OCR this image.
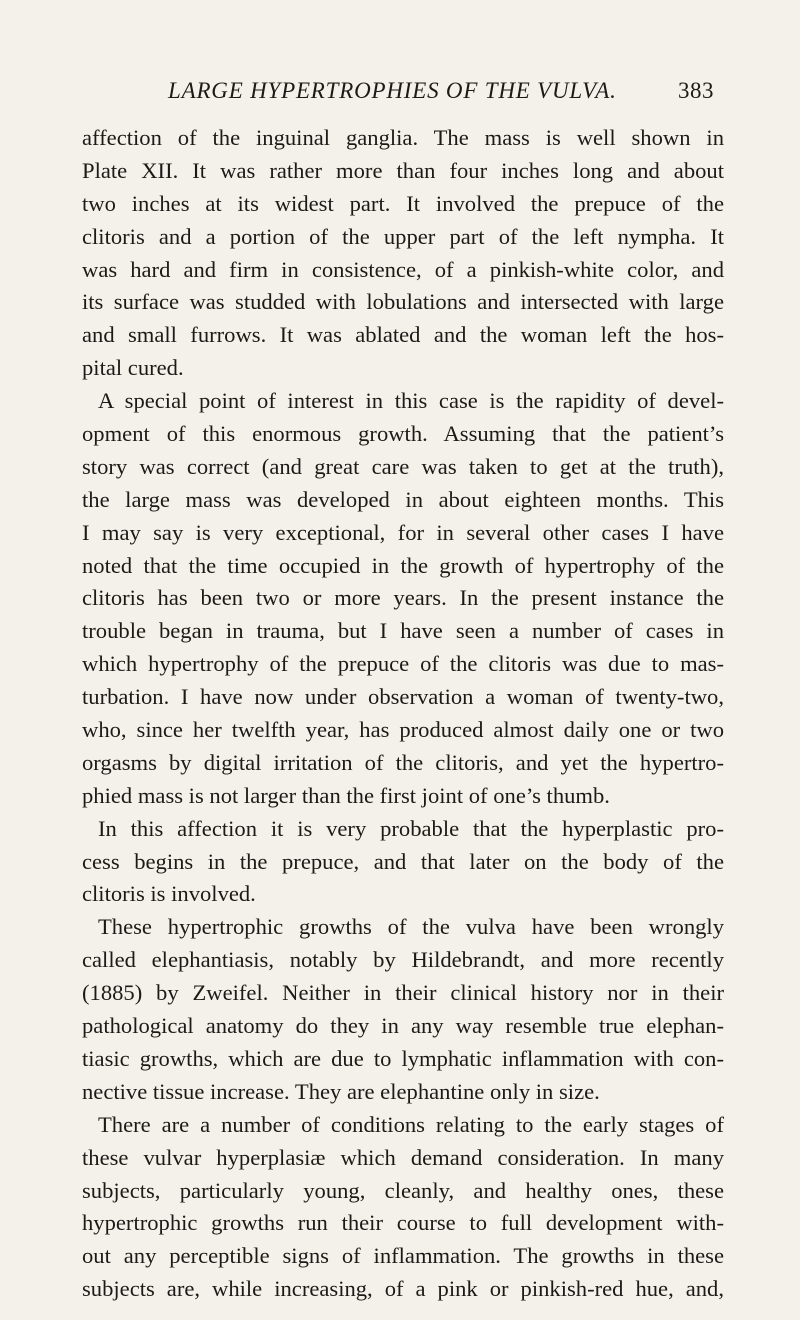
LARGE HYPERTROPHIES OF THE VULVA.	383
affection of the inguinal ganglia. The mass is well shown in
Plate XII. It was rather more than four inches long and about
two inches at its widest part. It involved the prepuce of the
clitoris and a portion of the upper part of the left nympha. It
was hard and firm in consistence, of a pinkish-white color, and
its surface was studded with lobulations and intersected with large
and small furrows. It was ablated and the woman left the hos-
pital cured.
A special point of interest in this case is the rapidity of devel-
opment of this enormous growth. Assuming that the patient’s
story was correct (and great care was taken to get at the truth),
the large mass was developed in about eighteen months. This
I may say is very exceptional, for in several other cases I have
noted that the time occupied in the growth of hypertrophy of the
clitoris has been two or more years. In the present instance the
trouble began in trauma, but I have seen a number of cases in
which hypertrophy of the prepuce of the clitoris was due to mas-
turbation. I have now under observation a woman of twenty-two,
who, since her twelfth year, has produced almost daily one or two
orgasms by digital irritation of the clitoris, and yet the hypertro-
phied mass is not larger than the first joint of one’s thumb.
In this affection it is very probable that the hyperplastic pro-
cess begins in the prepuce, and that later on the body of the
clitoris is involved.
These hypertrophic growths of the vulva have been wrongly
called elephantiasis, notably by Hildebrandt, and more recently
(1885) by Zweifel. Neither in their clinical history nor in their
pathological anatomy do they in any way resemble true elephan-
tiasic growths, which are due to lymphatic inflammation with con-
nective tissue increase. They are elephantine only in size.
There are a number of conditions relating to the early stages of
these vulvar hyperplasiæ which demand consideration. In many
subjects, particularly young, cleanly, and healthy ones, these
hypertrophic growths run their course to full development with-
out any perceptible signs of inflammation. The growths in these
subjects are, while increasing, of a pink or pinkish-red hue, and,
